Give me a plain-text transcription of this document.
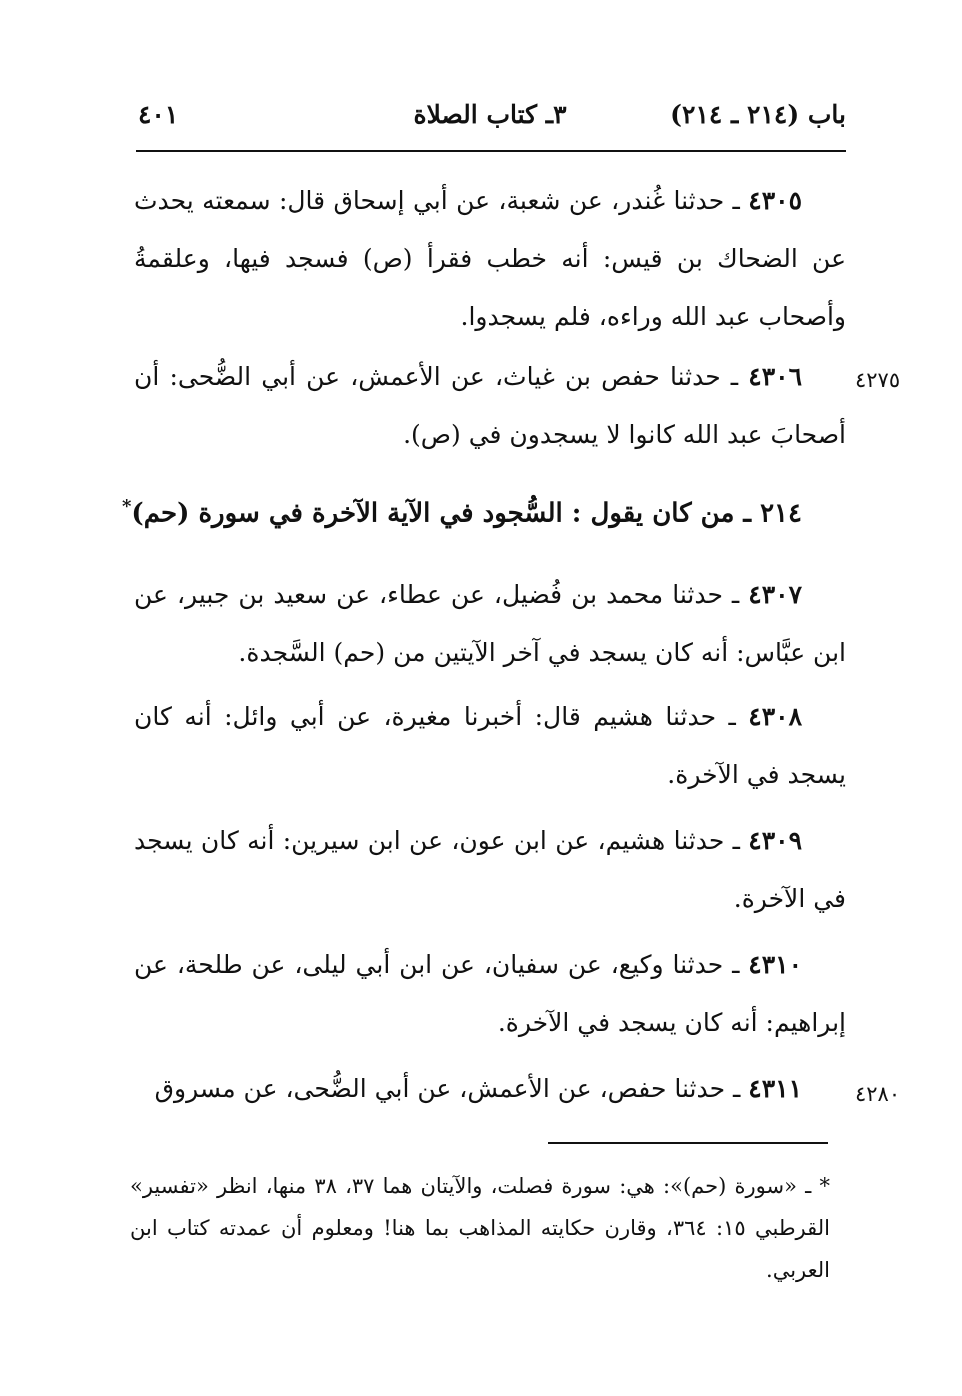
باب (٢١٤ ـ ٢١٤)
٣ـ كتاب الصلاة
٤٠١
٤٣٠٥ ـ حدثنا غُندر، عن شعبة، عن أبي إسحاق قال: سمعته يحدث عن الضحاك بن قيس: أنه خطب فقرأ (ص) فسجد فيها، وعلقمةُ وأصحاب عبد الله وراءه، فلم يسجدوا.
٤٢٧٥
٤٣٠٦ ـ حدثنا حفص بن غياث، عن الأعمش، عن أبي الضُّحى: أن أصحابَ عبد الله كانوا لا يسجدون في (ص).
٢١٤ ـ من كان يقول : السُّجود في الآية الآخرة في سورة (حم)*
٤٣٠٧ ـ حدثنا محمد بن فُضيل، عن عطاء، عن سعيد بن جبير، عن ابن عبَّاس: أنه كان يسجد في آخر الآيتين من (حم) السَّجدة.
٤٣٠٨ ـ حدثنا هشيم قال: أخبرنا مغيرة، عن أبي وائل: أنه كان يسجد في الآخرة.
٤٣٠٩ ـ حدثنا هشيم، عن ابن عون، عن ابن سيرين: أنه كان يسجد في الآخرة.
٤٣١٠ ـ حدثنا وكيع، عن سفيان، عن ابن أبي ليلى، عن طلحة، عن إبراهيم: أنه كان يسجد في الآخرة.
٤٢٨٠
٤٣١١ ـ حدثنا حفص، عن الأعمش، عن أبي الضُّحى، عن مسروق
* ـ «سورة (حم)»: هي: سورة فصلت، والآيتان هما ٣٧، ٣٨ منها، انظر «تفسير» القرطبي ١٥: ٣٦٤، وقارن حكايته المذاهب بما هنا! ومعلوم أن عمدته كتاب ابن العربي.
